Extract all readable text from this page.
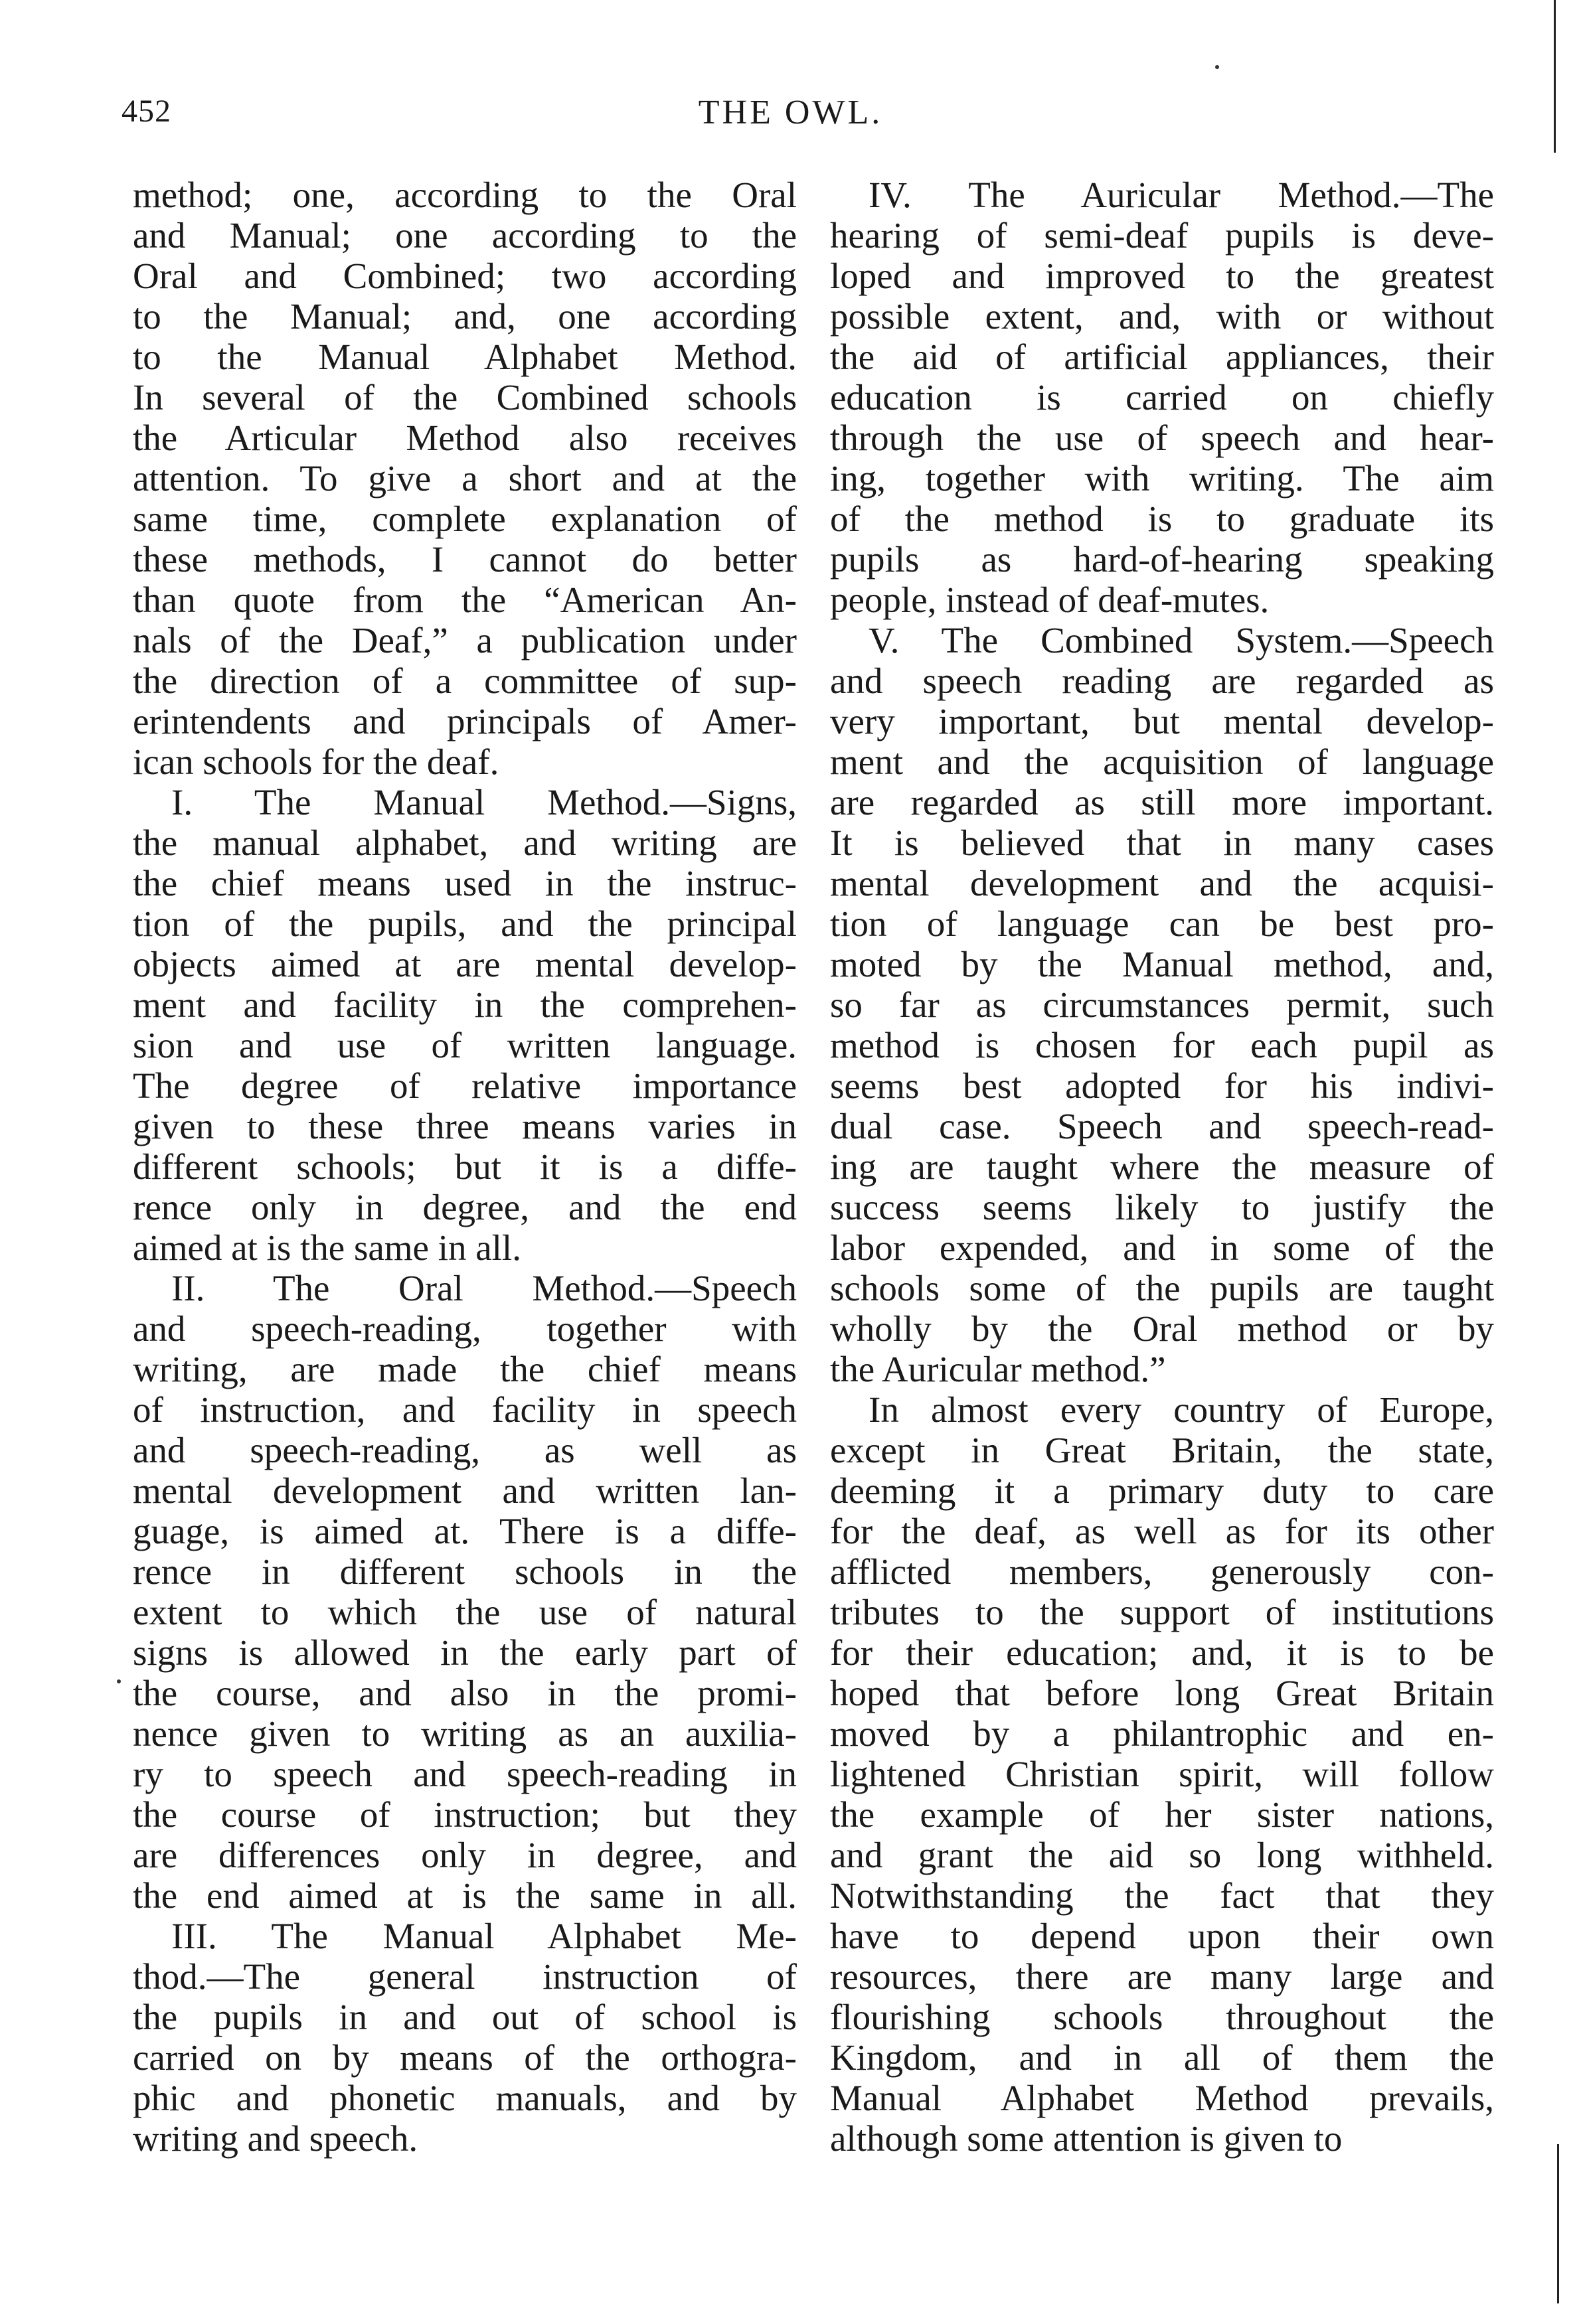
452	THE OWL.
method; one, according to the Oral
and Manual; one according to the
Oral and Combined; two according
to the Manual; and, one according
to the Manual Alphabet Method.
In several of the Combined schools
the Articular Method also receives
attention. To give a short and at the
same time, complete explanation of
these methods, I cannot do better
than quote from the “American An-
nals of the Deaf,” a publication under
the direction of a committee of sup-
erintendents and principals of Amer-
ican schools for the deaf.
I. The Manual Method.—Signs,
the manual alphabet, and writing are
the chief means used in the instruc-
tion of the pupils, and the principal
objects aimed at are mental develop-
ment and facility in the comprehen-
sion and use of written language.
The degree of relative importance
given to these three means varies in
different schools; but it is a diffe-
rence only in degree, and the end
aimed at is the same in all.
II. The Oral Method.—Speech
and speech-reading, together with
writing, are made the chief means
of instruction, and facility in speech
and speech-reading, as well as
mental development and written lan-
guage, is aimed at. There is a diffe-
rence in different schools in the
extent to which the use of natural
signs is allowed in the early part of
the course, and also in the promi-
nence given to writing as an auxilia-
ry to speech and speech-reading in
the course of instruction; but they
are differences only in degree, and
the end aimed at is the same in all.
III. The Manual Alphabet Me-
thod.—The general instruction of
the pupils in and out of school is
carried on by means of the orthogra-
phic and phonetic manuals, and by
writing and speech.
IV. The Auricular Method.—The
hearing of semi-deaf pupils is deve-
loped and improved to the greatest
possible extent, and, with or without
the aid of artificial appliances, their
education is carried on chiefly
through the use of speech and hear-
ing, together with writing. The aim
of the method is to graduate its
pupils as hard-of-hearing speaking
people, instead of deaf-mutes.
V. The Combined System.—Speech
and speech reading are regarded as
very important, but mental develop-
ment and the acquisition of language
are regarded as still more important.
It is believed that in many cases
mental development and the acquisi-
tion of language can be best pro-
moted by the Manual method, and,
so far as circumstances permit, such
method is chosen for each pupil as
seems best adopted for his indivi-
dual case. Speech and speech-read-
ing are taught where the measure of
success seems likely to justify the
labor expended, and in some of the
schools some of the pupils are taught
wholly by the Oral method or by
the Auricular method.”
In almost every country of Europe,
except in Great Britain, the state,
deeming it a primary duty to care
for the deaf, as well as for its other
afflicted members, generously con-
tributes to the support of institutions
for their education; and, it is to be
hoped that before long Great Britain
moved by a philantrophic and en-
lightened Christian spirit, will follow
the example of her sister nations,
and grant the aid so long withheld.
Notwithstanding the fact that they
have to depend upon their own
resources, there are many large and
flourishing schools throughout the
Kingdom, and in all of them the
Manual Alphabet Method prevails,
although some attention is given to
